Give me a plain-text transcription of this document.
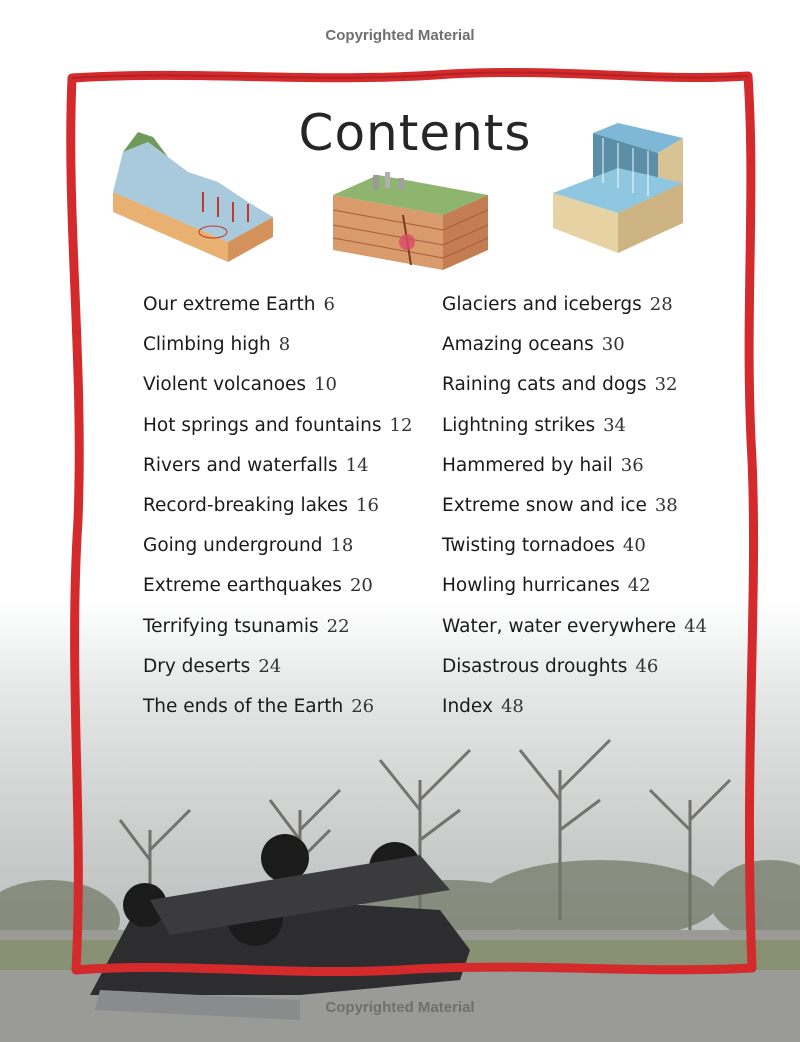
Copyrighted Material
Contents
Our extreme Earth 6
Climbing high 8
Violent volcanoes 10
Hot springs and fountains 12
Rivers and waterfalls 14
Record-breaking lakes 16
Going underground 18
Extreme earthquakes 20
Terrifying tsunamis 22
Dry deserts 24
The ends of the Earth 26
Glaciers and icebergs 28
Amazing oceans 30
Raining cats and dogs 32
Lightning strikes 34
Hammered by hail 36
Extreme snow and ice 38
Twisting tornadoes 40
Howling hurricanes 42
Water, water everywhere 44
Disastrous droughts 46
Index 48
Copyrighted Material
